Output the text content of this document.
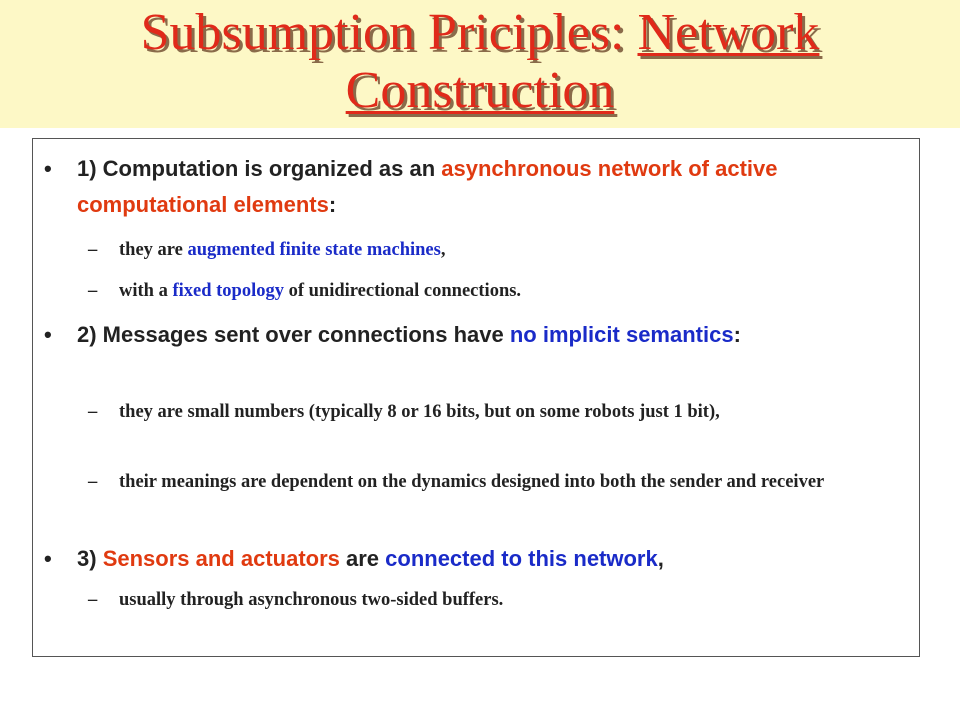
Subsumption Priciples: Network
Construction
• 1) Computation is organized as an asynchronous network of active computational elements:
– they are augmented finite state machines,
– with a fixed topology of unidirectional connections.
• 2) Messages sent over connections have no implicit semantics:
– they are small numbers (typically 8 or 16 bits, but on some robots just 1 bit),
– their meanings are dependent on the dynamics designed into both the sender and receiver
• 3) Sensors and actuators are connected to this network,
– usually through asynchronous two-sided buffers.
